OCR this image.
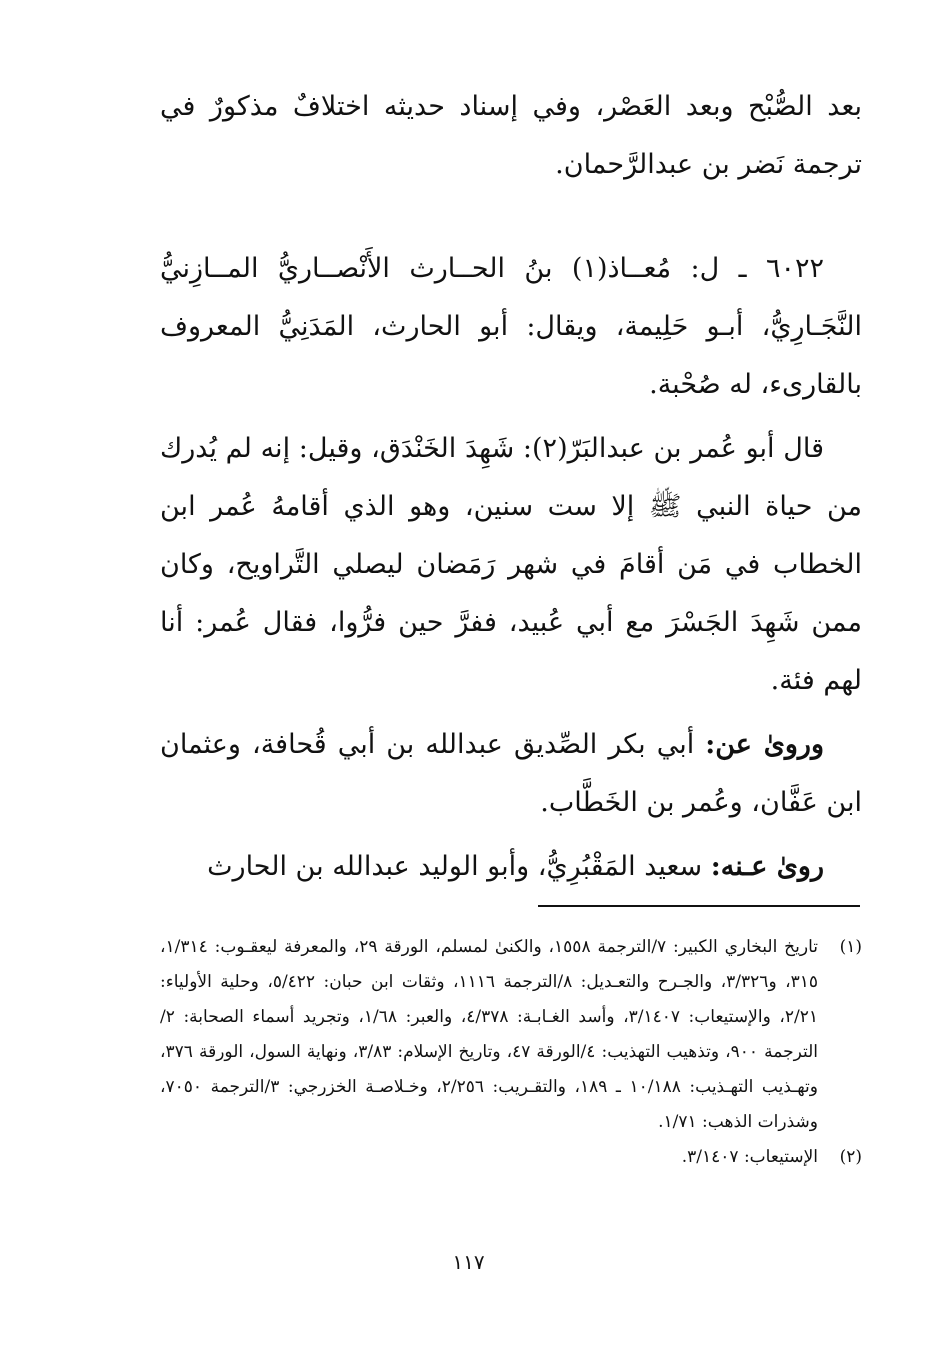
بعد الصُّبْح وبعد العَصْر، وفي إسناد حديثه اختلافٌ مذكورٌ في ترجمة نَضر بن عبدالرَّحمان.

٦٠٢٢ ـ ل: مُعــاذ(١) بنُ الحــارث الأَنْصــاريُّ المــازِنيُّ النَّجَـارِيُّ، أبـو حَلِيمة، ويقال: أبو الحارث، المَدَنِيُّ المعروف بالقارىء، له صُحْبة.

قال أبو عُمر بن عبدالبَرّ(٢): شَهِدَ الخَنْدَق، وقيل: إنه لم يُدرك من حياة النبي ﷺ إلا ست سنين، وهو الذي أقامهُ عُمر ابن الخطاب في مَن أقامَ في شهر رَمَضان ليصلي التَّراويح، وكان ممن شَهِدَ الجَسْرَ مع أبي عُبيد، ففرَّ حين فرُّوا، فقال عُمر: أنا لهم فئة.

وروىٰ عن: أبي بكر الصِّديق عبدالله بن أبي قُحافة، وعثمان ابن عَفَّان، وعُمر بن الخَطَّاب.

روىٰ عـنه: سعيد المَقْبُرِيُّ، وأبو الوليد عبدالله بن الحارث

(١)
تاريخ البخاري الكبير: ٧/الترجمة ١٥٥٨، والكنىٰ لمسلم، الورقة ٢٩، والمعرفة ليعقـوب: ١/٣١٤، ٣١٥، و٣/٣٢٦، والجـرح والتعـديل: ٨/الترجمة ١١١٦، وثقات ابن حبان: ٥/٤٢٢، وحلية الأولياء: ٢/٢١، والإستيعاب: ٣/١٤٠٧، وأسد الغـابـة: ٤/٣٧٨، والعبر: ١/٦٨، وتجريد أسماء الصحابة: ٢/الترجمة ٩٠٠، وتذهيب التهذيب: ٤/الورقة ٤٧، وتاريخ الإسلام: ٣/٨٣، ونهاية السول، الورقة ٣٧٦، وتهـذيب التهـذيب: ١٠/١٨٨ ـ ١٨٩، والتقـريب: ٢/٢٥٦، وخـلاصـة الخزرجي: ٣/الترجمة ٧٠٥٠، وشذرات الذهب: ١/٧١.
(٢)
الإستيعاب: ٣/١٤٠٧.
١١٧
